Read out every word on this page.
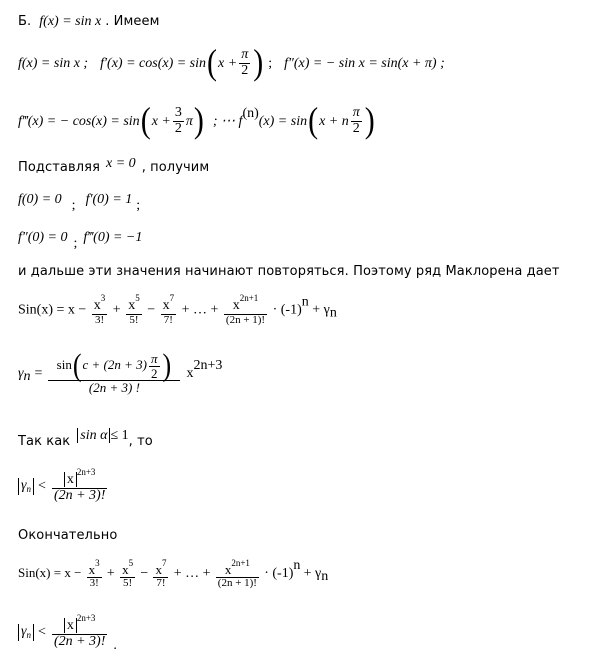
Б. f(x) = sin x . Имеем
f(x) = sin x ; $f'(x) = \cos(x) = \sin(x + \frac{\pi}{2}$ ) ; f″(x) = − sin x = sin(x + π) ;
f‴(x) = − $\cos(x) = \sin(x + \frac{3}{2} \pi)$ ; ⋯ $f^{(n)}(x) = \sin(x + n \frac{\pi}{2}$ )
Подставляя x = 0 , получим
f(0) = 0 ; f′(0) = 1 ;
f″(0) = 0 ; f‴(0) = −1
и дальше эти значения начинают повторяться. Поэтому ряд Маклорена дает
$Sin(x) = x - \frac{x^3}{3!} + \frac{x^5}{5!} - \frac{x^7}{7!}$ + … + $\frac{x^{2n+1}}{(2n + 1)!} \cdot (-1)^n + \gamma_n$
$\gamma_n = \frac{\sin(c + (2n + 3) \frac{\pi}{2} )}{(2n + 3) !} x^{2n+3}$
Так как sin α ≤ 1, то
$\gamma_n < \frac{x ^{2n+3}}{(2n + 3)!}$
Окончательно
$Sin(x) = x - \frac{x^3}{3!} + \frac{x^5}{5!} - \frac{x^7}{7!}$ + … + $\frac{x^{2n+1}}{(2n + 1)!} \cdot (-1)^n + \gamma_n$
$\gamma_n < \frac{x ^{2n+3}}{(2n + 3)!}$ .
